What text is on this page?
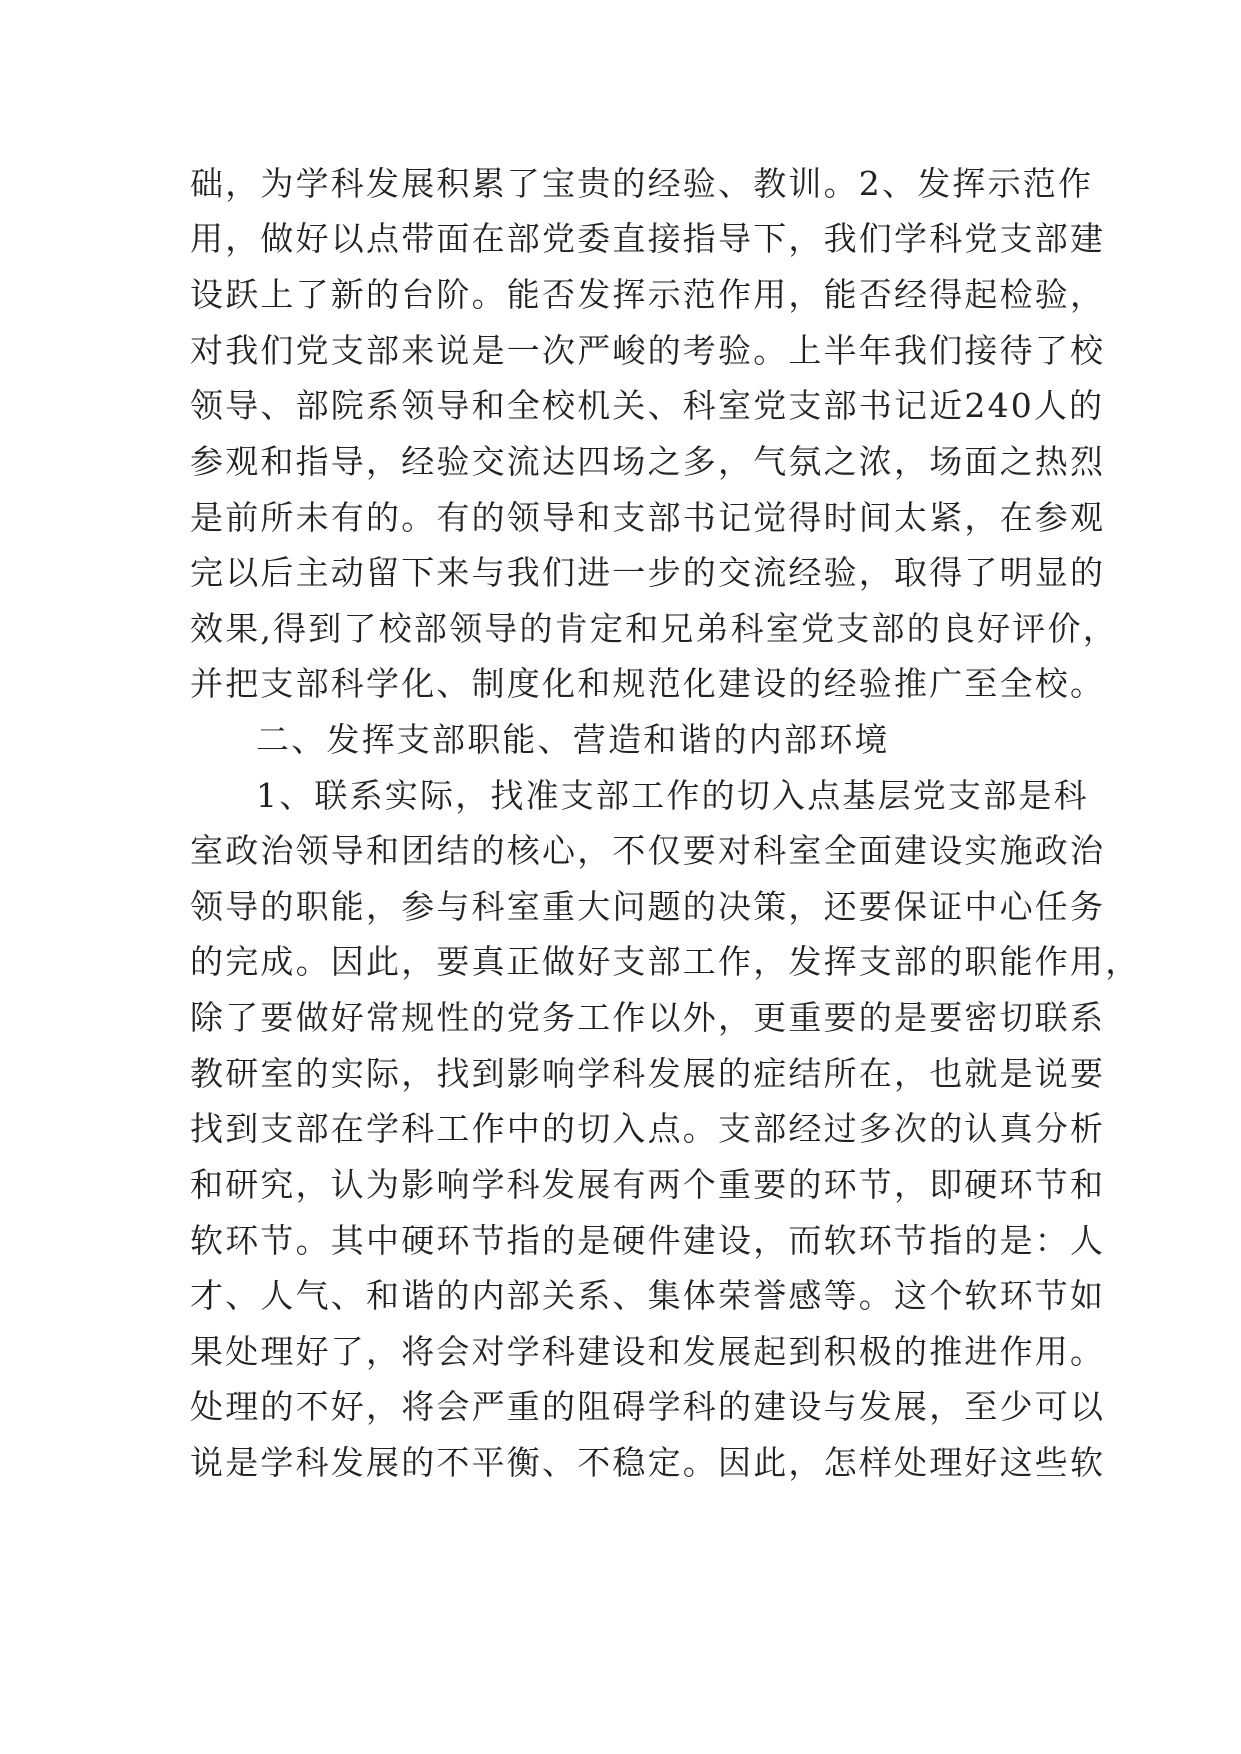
础，为学科发展积累了宝贵的经验、教训。2、发挥示范作
用，做好以点带面在部党委直接指导下，我们学科党支部建
设跃上了新的台阶。能否发挥示范作用，能否经得起检验，
对我们党支部来说是一次严峻的考验。上半年我们接待了校
领导、部院系领导和全校机关、科室党支部书记近240人的
参观和指导，经验交流达四场之多，气氛之浓，场面之热烈
是前所未有的。有的领导和支部书记觉得时间太紧，在参观
完以后主动留下来与我们进一步的交流经验，取得了明显的
效果,得到了校部领导的肯定和兄弟科室党支部的良好评价，
并把支部科学化、制度化和规范化建设的经验推广至全校。
二、发挥支部职能、营造和谐的内部环境
1、联系实际，找准支部工作的切入点基层党支部是科
室政治领导和团结的核心，不仅要对科室全面建设实施政治
领导的职能，参与科室重大问题的决策，还要保证中心任务
的完成。因此，要真正做好支部工作，发挥支部的职能作用，
除了要做好常规性的党务工作以外，更重要的是要密切联系
教研室的实际，找到影响学科发展的症结所在，也就是说要
找到支部在学科工作中的切入点。支部经过多次的认真分析
和研究，认为影响学科发展有两个重要的环节，即硬环节和
软环节。其中硬环节指的是硬件建设，而软环节指的是：人
才、人气、和谐的内部关系、集体荣誉感等。这个软环节如
果处理好了，将会对学科建设和发展起到积极的推进作用。
处理的不好，将会严重的阻碍学科的建设与发展，至少可以
说是学科发展的不平衡、不稳定。因此，怎样处理好这些软
